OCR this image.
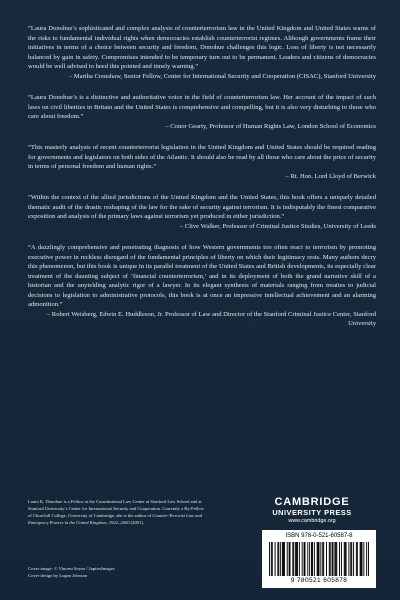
“Laura Donohue’s sophisticated and complex analysis of counterterrorism law in the United Kingdom and United States warns of the risks to fundamental individual rights when democracies establish counterterrorist regimes. Although governments frame their initiatives in terms of a choice between security and freedom, Donohue challenges this logic. Loss of liberty is not necessarily balanced by gain in safety. Compromises intended to be temporary turn out to be permanent. Leaders and citizens of democracies would be well advised to heed this pointed and timely warning.”

– Martha Crenshaw, Senior Fellow, Center for International Security and Cooperation (CISAC), Stanford University

“Laura Donohue’s is a distinctive and authoritative voice in the field of counterterrorism law. Her account of the impact of such laws on civil liberties in Britain and the United States is comprehensive and compelling, but it is also very disturbing to those who care about freedom.”

– Conor Gearty, Professor of Human Rights Law, London School of Economics

“This masterly analysis of recent counterterrorist legislation in the United Kingdom and United States should be required reading for governments and legislators on both sides of the Atlantic. It should also be read by all those who care about the price of security in terms of personal freedom and human rights.”

– Rt. Hon. Lord Lloyd of Berwick

“Within the context of the allied jurisdictions of the United Kingdom and the United States, this book offers a uniquely detailed thematic audit of the drastic reshaping of the law for the sake of security against terrorism. It is indisputably the finest comparative exposition and analysis of the primary laws against terrorism yet produced in either jurisdiction.”

– Clive Walker, Professor of Criminal Justice Studies, University of Leeds

“A dazzlingly comprehensive and penetrating diagnosis of how Western governments too often react to terrorism by promoting executive power in reckless disregard of the fundamental principles of liberty on which their legitimacy rests. Many authors decry this phenomenon, but this book is unique in its parallel treatment of the United States and British developments, its especially clear treatment of the daunting subject of ‘financial counterterrorism,’ and in its deployment of both the grand narrative skill of a historian and the unyielding analytic rigor of a lawyer. In its elegant synthesis of materials ranging from treaties to judicial decisions to legislation to administrative protocols, this book is at once an impressive intellectual achievement and an alarming admonition.”

– Robert Weisberg, Edwin E. Huddleson, Jr. Professor of Law and Director of the Stanford Criminal Justice Center, Stanford University

Laura K. Donohue is a Fellow at the Constitutional Law Center at Stanford Law School and at Stanford University’s Center for International Security and Cooperation. Currently a By-Fellow of Churchill College, University of Cambridge, she is the author of Counter-Terrorist Law and Emergency Powers in the United Kingdom, 1922–2000 (2001).
Cover image: © Vincent Soyez / JupiterImages
Cover design by Logan Johnson
CAMBRIDGE
UNIVERSITY PRESS
www.cambridge.org
ISBN 978-0-521-60587-8
9 780521 605878
